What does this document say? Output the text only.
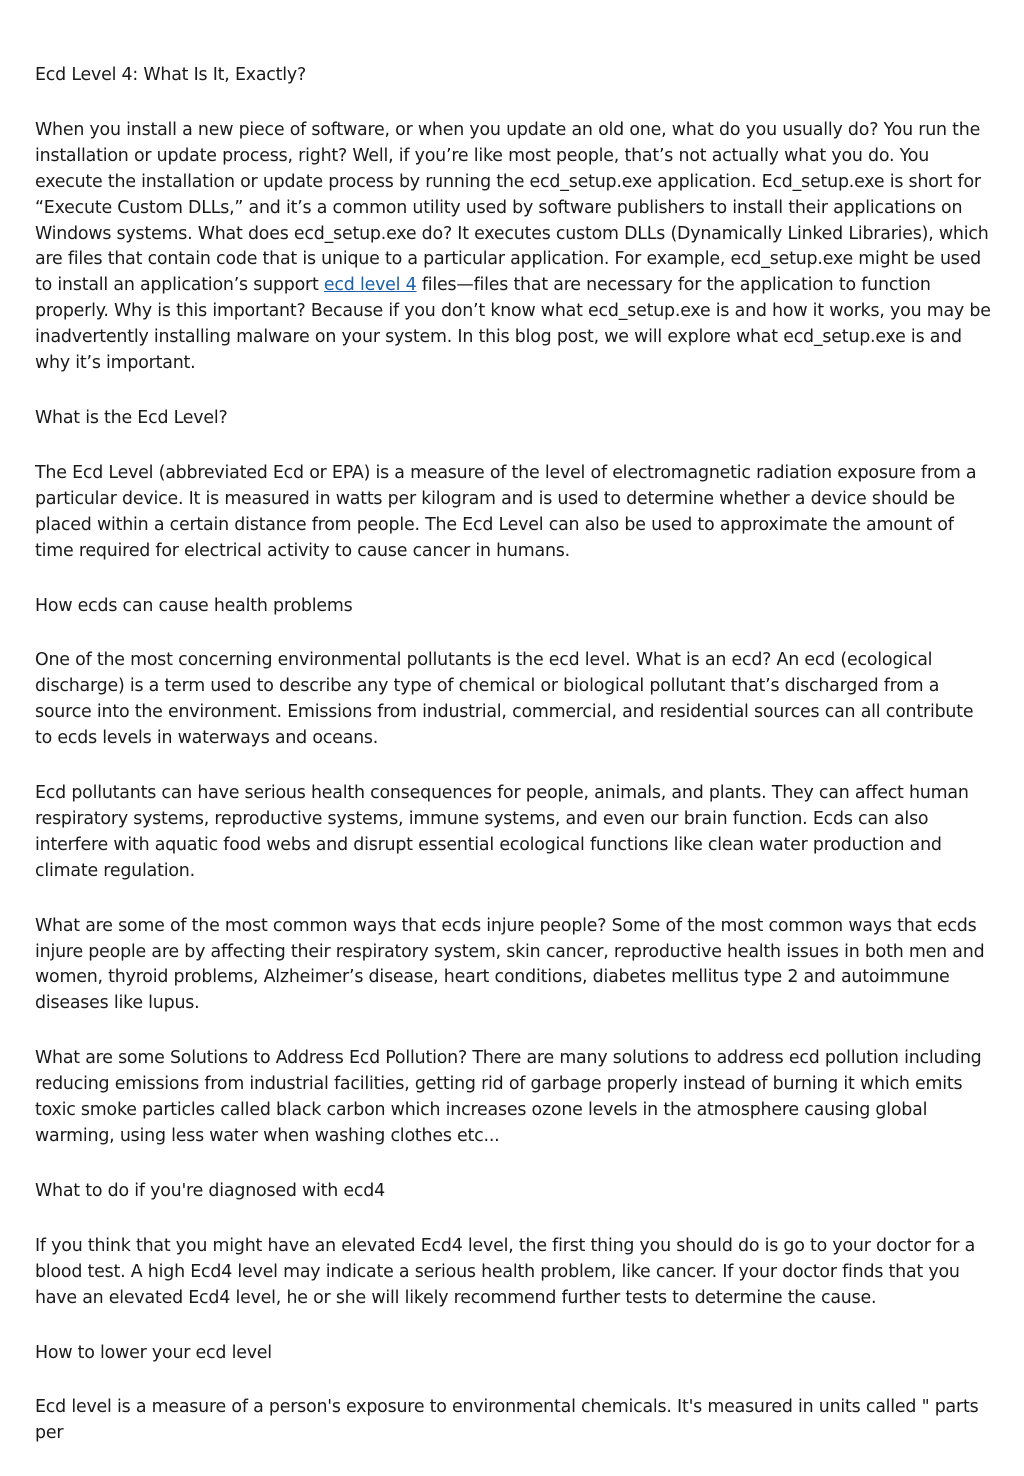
Ecd Level 4: What Is It, Exactly?

When you install a new piece of software, or when you update an old one, what do you usually do? You run the installation or update process, right? Well, if you’re like most people, that’s not actually what you do. You execute the installation or update process by running the ecd_setup.exe application. Ecd_setup.exe is short for “Execute Custom DLLs,” and it’s a common utility used by software publishers to install their applications on Windows systems. What does ecd_setup.exe do? It executes custom DLLs (Dynamically Linked Libraries), which are files that contain code that is unique to a particular application. For example, ecd_setup.exe might be used to install an application’s support ecd level 4 files—files that are necessary for the application to function properly. Why is this important? Because if you don’t know what ecd_setup.exe is and how it works, you may be inadvertently installing malware on your system. In this blog post, we will explore what ecd_setup.exe is and why it’s important.

What is the Ecd Level?

The Ecd Level (abbreviated Ecd or EPA) is a measure of the level of electromagnetic radiation exposure from a particular device. It is measured in watts per kilogram and is used to determine whether a device should be placed within a certain distance from people. The Ecd Level can also be used to approximate the amount of time required for electrical activity to cause cancer in humans.

How ecds can cause health problems

One of the most concerning environmental pollutants is the ecd level. What is an ecd? An ecd (ecological discharge) is a term used to describe any type of chemical or biological pollutant that’s discharged from a source into the environment. Emissions from industrial, commercial, and residential sources can all contribute to ecds levels in waterways and oceans.

Ecd pollutants can have serious health consequences for people, animals, and plants. They can affect human respiratory systems, reproductive systems, immune systems, and even our brain function. Ecds can also interfere with aquatic food webs and disrupt essential ecological functions like clean water production and climate regulation.

What are some of the most common ways that ecds injure people? Some of the most common ways that ecds injure people are by affecting their respiratory system, skin cancer, reproductive health issues in both men and women, thyroid problems, Alzheimer’s disease, heart conditions, diabetes mellitus type 2 and autoimmune diseases like lupus.

What are some Solutions to Address Ecd Pollution? There are many solutions to address ecd pollution including reducing emissions from industrial facilities, getting rid of garbage properly instead of burning it which emits toxic smoke particles called black carbon which increases ozone levels in the atmosphere causing global warming, using less water when washing clothes etc...

What to do if you're diagnosed with ecd4

If you think that you might have an elevated Ecd4 level, the first thing you should do is go to your doctor for a blood test. A high Ecd4 level may indicate a serious health problem, like cancer. If your doctor finds that you have an elevated Ecd4 level, he or she will likely recommend further tests to determine the cause.

How to lower your ecd level

Ecd level is a measure of a person's exposure to environmental chemicals. It's measured in units called " parts per
